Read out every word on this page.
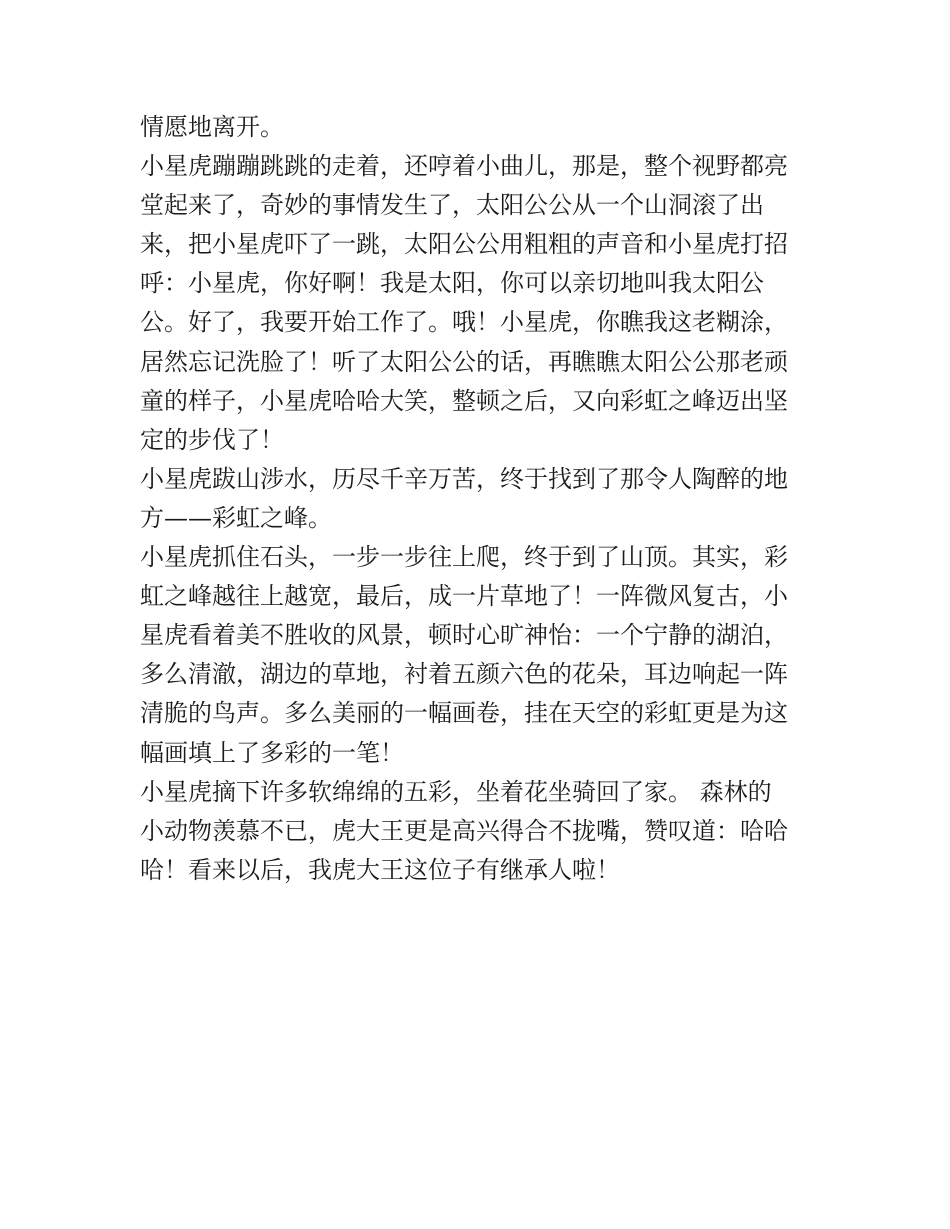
情愿地离开。
小星虎蹦蹦跳跳的走着，还哼着小曲儿，那是，整个视野都亮
堂起来了，奇妙的事情发生了，太阳公公从一个山洞滚了出
来，把小星虎吓了一跳，太阳公公用粗粗的声音和小星虎打招
呼：小星虎，你好啊！我是太阳，你可以亲切地叫我太阳公
公。好了，我要开始工作了。哦！小星虎，你瞧我这老糊涂，
居然忘记洗脸了！听了太阳公公的话，再瞧瞧太阳公公那老顽
童的样子，小星虎哈哈大笑，整顿之后，又向彩虹之峰迈出坚
定的步伐了！
小星虎跋山涉水，历尽千辛万苦，终于找到了那令人陶醉的地
方——彩虹之峰。
小星虎抓住石头，一步一步往上爬，终于到了山顶。其实，彩
虹之峰越往上越宽，最后，成一片草地了！一阵微风复古，小
星虎看着美不胜收的风景，顿时心旷神怡：一个宁静的湖泊，
多么清澈，湖边的草地，衬着五颜六色的花朵，耳边响起一阵
清脆的鸟声。多么美丽的一幅画卷，挂在天空的彩虹更是为这
幅画填上了多彩的一笔！
小星虎摘下许多软绵绵的五彩，坐着花坐骑回了家。 森林的
小动物羡慕不已，虎大王更是高兴得合不拢嘴，赞叹道：哈哈
哈！看来以后，我虎大王这位子有继承人啦！
